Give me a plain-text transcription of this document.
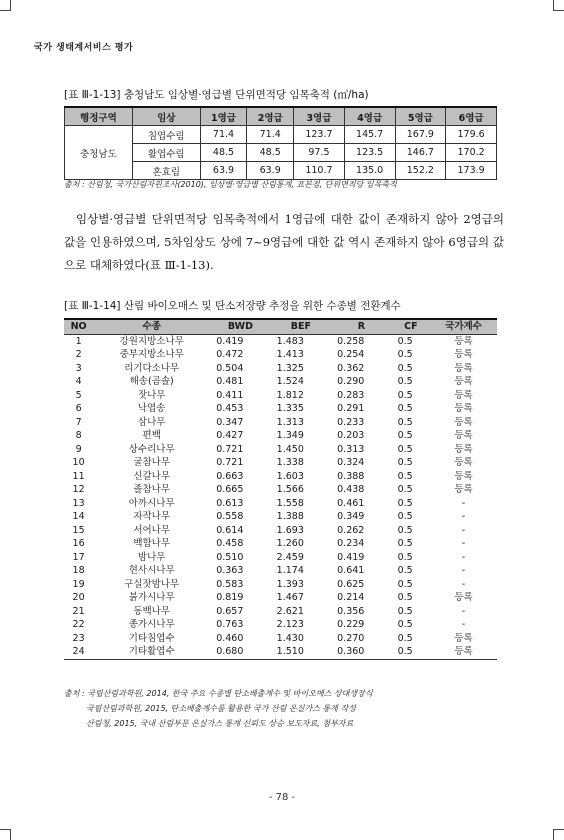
국가 생태계서비스 평가
[표 Ⅲ-1-13] 충청남도 임상별·영급별 단위면적당 임목축적 (㎥/ha)
행정구역	임상	1영급	2영급	3영급	4영급	5영급	6영급
충청남도	침엽수림	71.4	71.4	123.7	145.7	167.9	179.6
	활엽수림	48.5	48.5	97.5	123.5	146.7	170.2
	혼효림	63.9	63.9	110.7	135.0	152.2	173.9
출처 : 산림청, 국가산림자원조사(2010), 임상별·영급별 산림통계, 표본점, 단위면적당 임목축적
임상별·영급별 단위면적당 임목축적에서 1영급에 대한 값이 존재하지 않아 2영급의 값을 인용하였으며, 5차임상도 상에 7~9영급에 대한 값 역시 존재하지 않아 6영급의 값으로 대체하였다(표 Ⅲ-1-13).
[표 Ⅲ-1-14] 산림 바이오매스 및 탄소저장량 추정을 위한 수종별 전환계수
NO	수종	BWD	BEF	R	CF	국가계수
1	강원지방소나무	0.419	1.483	0.258	0.5	등록
2	중부지방소나무	0.472	1.413	0.254	0.5	등록
3	리기다소나무	0.504	1.325	0.362	0.5	등록
4	해송(곰솔)	0.481	1.524	0.290	0.5	등록
5	잣나무	0.411	1.812	0.283	0.5	등록
6	낙엽송	0.453	1.335	0.291	0.5	등록
7	삼나무	0.347	1.313	0.233	0.5	등록
8	편백	0.427	1.349	0.203	0.5	등록
9	상수리나무	0.721	1.450	0.313	0.5	등록
10	굴참나무	0.721	1.338	0.324	0.5	등록
11	신갈나무	0.663	1.603	0.388	0.5	등록
12	졸참나무	0.665	1.566	0.438	0.5	등록
13	아까시나무	0.613	1.558	0.461	0.5	-
14	자작나무	0.558	1.388	0.349	0.5	-
15	서어나무	0.614	1.693	0.262	0.5	-
16	백합나무	0.458	1.260	0.234	0.5	-
17	밤나무	0.510	2.459	0.419	0.5	-
18	현사시나무	0.363	1.174	0.641	0.5	-
19	구실잣밤나무	0.583	1.393	0.625	0.5	-
20	붉가시나무	0.819	1.467	0.214	0.5	등록
21	동백나무	0.657	2.621	0.356	0.5	-
22	종가시나무	0.763	2.123	0.229	0.5	-
23	기타침엽수	0.460	1.430	0.270	0.5	등록
24	기타활엽수	0.680	1.510	0.360	0.5	등록
출처 : 국립산림과학원, 2014, 한국 주요 수종별 탄소배출계수 및 바이오매스 상대생장식
국립산림과학원, 2015, 탄소배출계수를 활용한 국가 산림 온실가스 통계 작성
산림청, 2015, 국내 산림부문 온실가스 통계 신뢰도 상승 보도자료, 첨부자료
- 78 -
